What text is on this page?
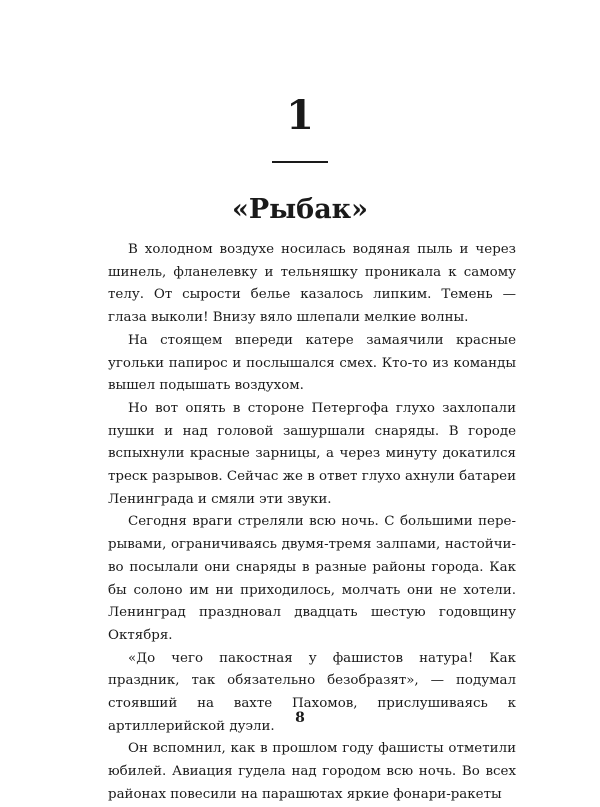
1
«Рыбак»

В холодном воздухе носилась водяная пыль и через шинель, фланелевку и тельняшку проникала к самому телу. От сырости белье казалось липким. Темень — глаза выколи! Внизу вяло шлепали мелкие волны.

На стоящем впереди катере замаячили красные угольки папирос и послышался смех. Кто-то из команды вышел подышать воздухом.

Но вот опять в стороне Петергофа глухо захлопали пушки и над головой зашуршали снаряды. В городе вспыхнули красные зарницы, а через минуту докатился треск разрывов. Сейчас же в ответ глухо ахнули батареи Ленинграда и смяли эти звуки.

Сегодня враги стреляли всю ночь. С большими перерывами, ограничиваясь двумя-тремя залпами, настойчиво посылали они снаряды в разные районы города. Как бы солоно им ни приходилось, молчать они не хотели. Ленинград праздновал двадцать шестую годовщину Октября.

«До чего пакостная у фашистов натура! Как праздник, так обязательно безобразят», — подумал стоявший на вахте Пахомов, прислушиваясь к артиллерийской дуэли.

Он вспомнил, как в прошлом году фашисты отметили юбилей. Авиация гудела над городом всю ночь. Во всех районах повесили на парашютах яркие фонари-ракеты

8
